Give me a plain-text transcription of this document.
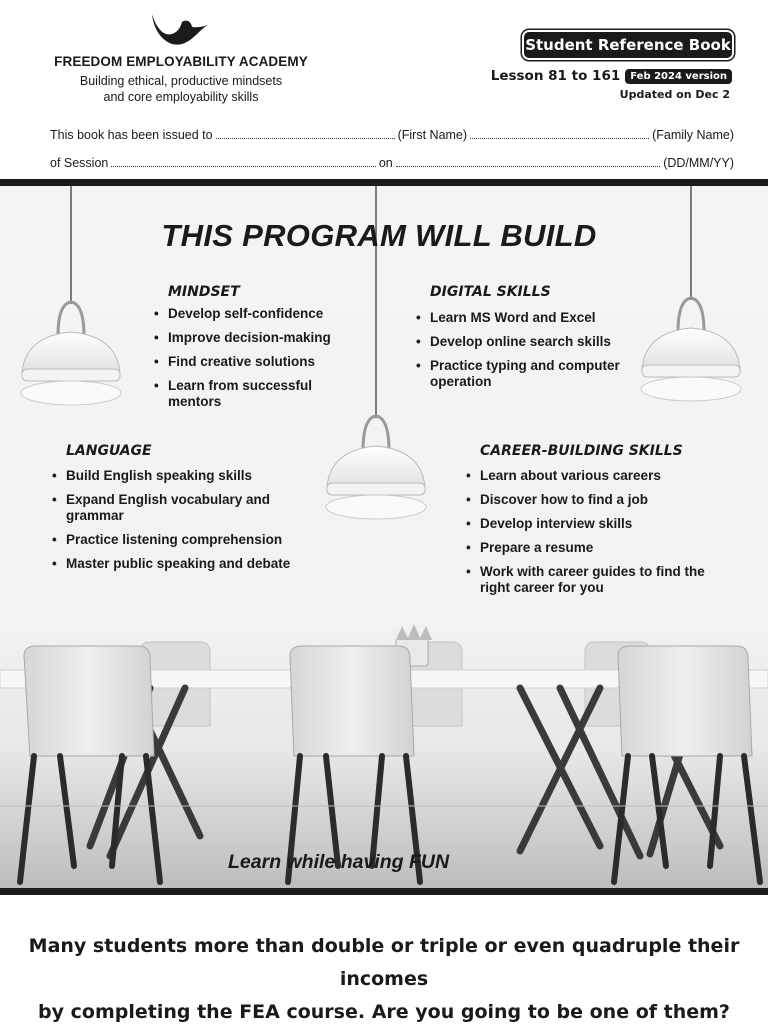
FREEDOM EMPLOYABILITY ACADEMY
Building ethical, productive mindsets
and core employability skills
Student Reference Book
Lesson 81 to 161	Feb 2024 version
Updated on Dec 2
This book has been issued to	(First Name)	(Family Name)
of Session	on	(DD/MM/YY)
THIS PROGRAM WILL BUILD
MINDSET
• Develop self-confidence
• Improve decision-making
• Find creative solutions
• Learn from successful mentors
DIGITAL SKILLS
• Learn MS Word and Excel
• Develop online search skills
• Practice typing and computer operation
LANGUAGE
• Build English speaking skills
• Expand English vocabulary and grammar
• Practice listening comprehension
• Master public speaking and debate
CAREER-BUILDING SKILLS
• Learn about various careers
• Discover how to find a job
• Develop interview skills
• Prepare a resume
• Work with career guides to find the right career for you
Learn while having FUN
Many students more than double or triple or even quadruple their incomes
by completing the FEA course. Are you going to be one of them?
